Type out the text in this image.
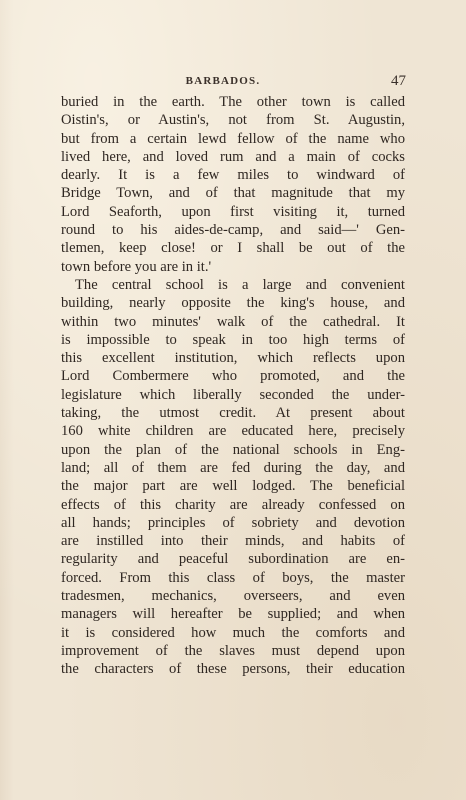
BARBADOS.	47
buried in the earth. The other town is called
Oistin's, or Austin's, not from St. Augustin,
but from a certain lewd fellow of the name who
lived here, and loved rum and a main of cocks
dearly. It is a few miles to windward of
Bridge Town, and of that magnitude that my
Lord Seaforth, upon first visiting it, turned
round to his aides-de-camp, and said—' Gen-
tlemen, keep close! or I shall be out of the
town before you are in it.'
The central school is a large and convenient
building, nearly opposite the king's house, and
within two minutes' walk of the cathedral. It
is impossible to speak in too high terms of
this excellent institution, which reflects upon
Lord Combermere who promoted, and the
legislature which liberally seconded the under-
taking, the utmost credit. At present about
160 white children are educated here, precisely
upon the plan of the national schools in Eng-
land; all of them are fed during the day, and
the major part are well lodged. The beneficial
effects of this charity are already confessed on
all hands; principles of sobriety and devotion
are instilled into their minds, and habits of
regularity and peaceful subordination are en-
forced. From this class of boys, the master
tradesmen, mechanics, overseers, and even
managers will hereafter be supplied; and when
it is considered how much the comforts and
improvement of the slaves must depend upon
the characters of these persons, their education
